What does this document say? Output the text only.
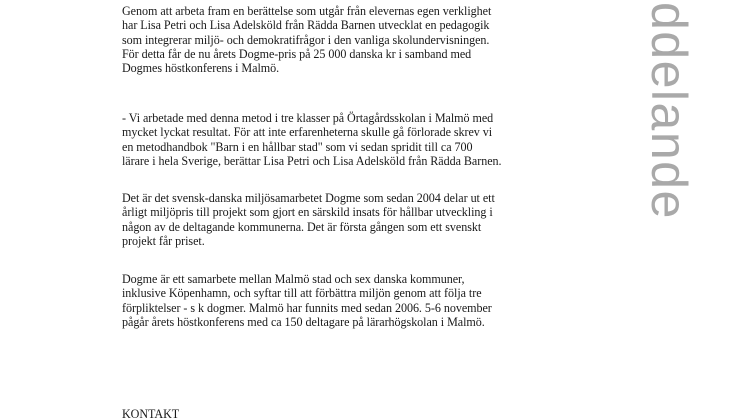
Genom att arbeta fram en berättelse som utgår från elevernas egen verklighet
har Lisa Petri och Lisa Adelsköld från Rädda Barnen utvecklat en pedagogik
som integrerar miljö- och demokratifrågor i den vanliga skolundervisningen.
För detta får de nu årets Dogme-pris på 25 000 danska kr i samband med
Dogmes höstkonferens i Malmö.
- Vi arbetade med denna metod i tre klasser på Örtagårdsskolan i Malmö med
mycket lyckat resultat. För att inte erfarenheterna skulle gå förlorade skrev vi
en metodhandbok "Barn i en hållbar stad" som vi sedan spridit till ca 700
lärare i hela Sverige, berättar Lisa Petri och Lisa Adelsköld från Rädda Barnen.
Det är det svensk-danska miljösamarbetet Dogme som sedan 2004 delar ut ett
årligt miljöpris till projekt som gjort en särskild insats för hållbar utveckling i
någon av de deltagande kommunerna. Det är första gången som ett svenskt
projekt får priset.
Dogme är ett samarbete mellan Malmö stad och sex danska kommuner,
inklusive Köpenhamn, och syftar till att förbättra miljön genom att följa tre
förpliktelser - s k dogmer. Malmö har funnits med sedan 2006. 5-6 november
pågår årets höstkonferens med ca 150 deltagare på lärarhögskolan i Malmö.
KONTAKT
ddelande
